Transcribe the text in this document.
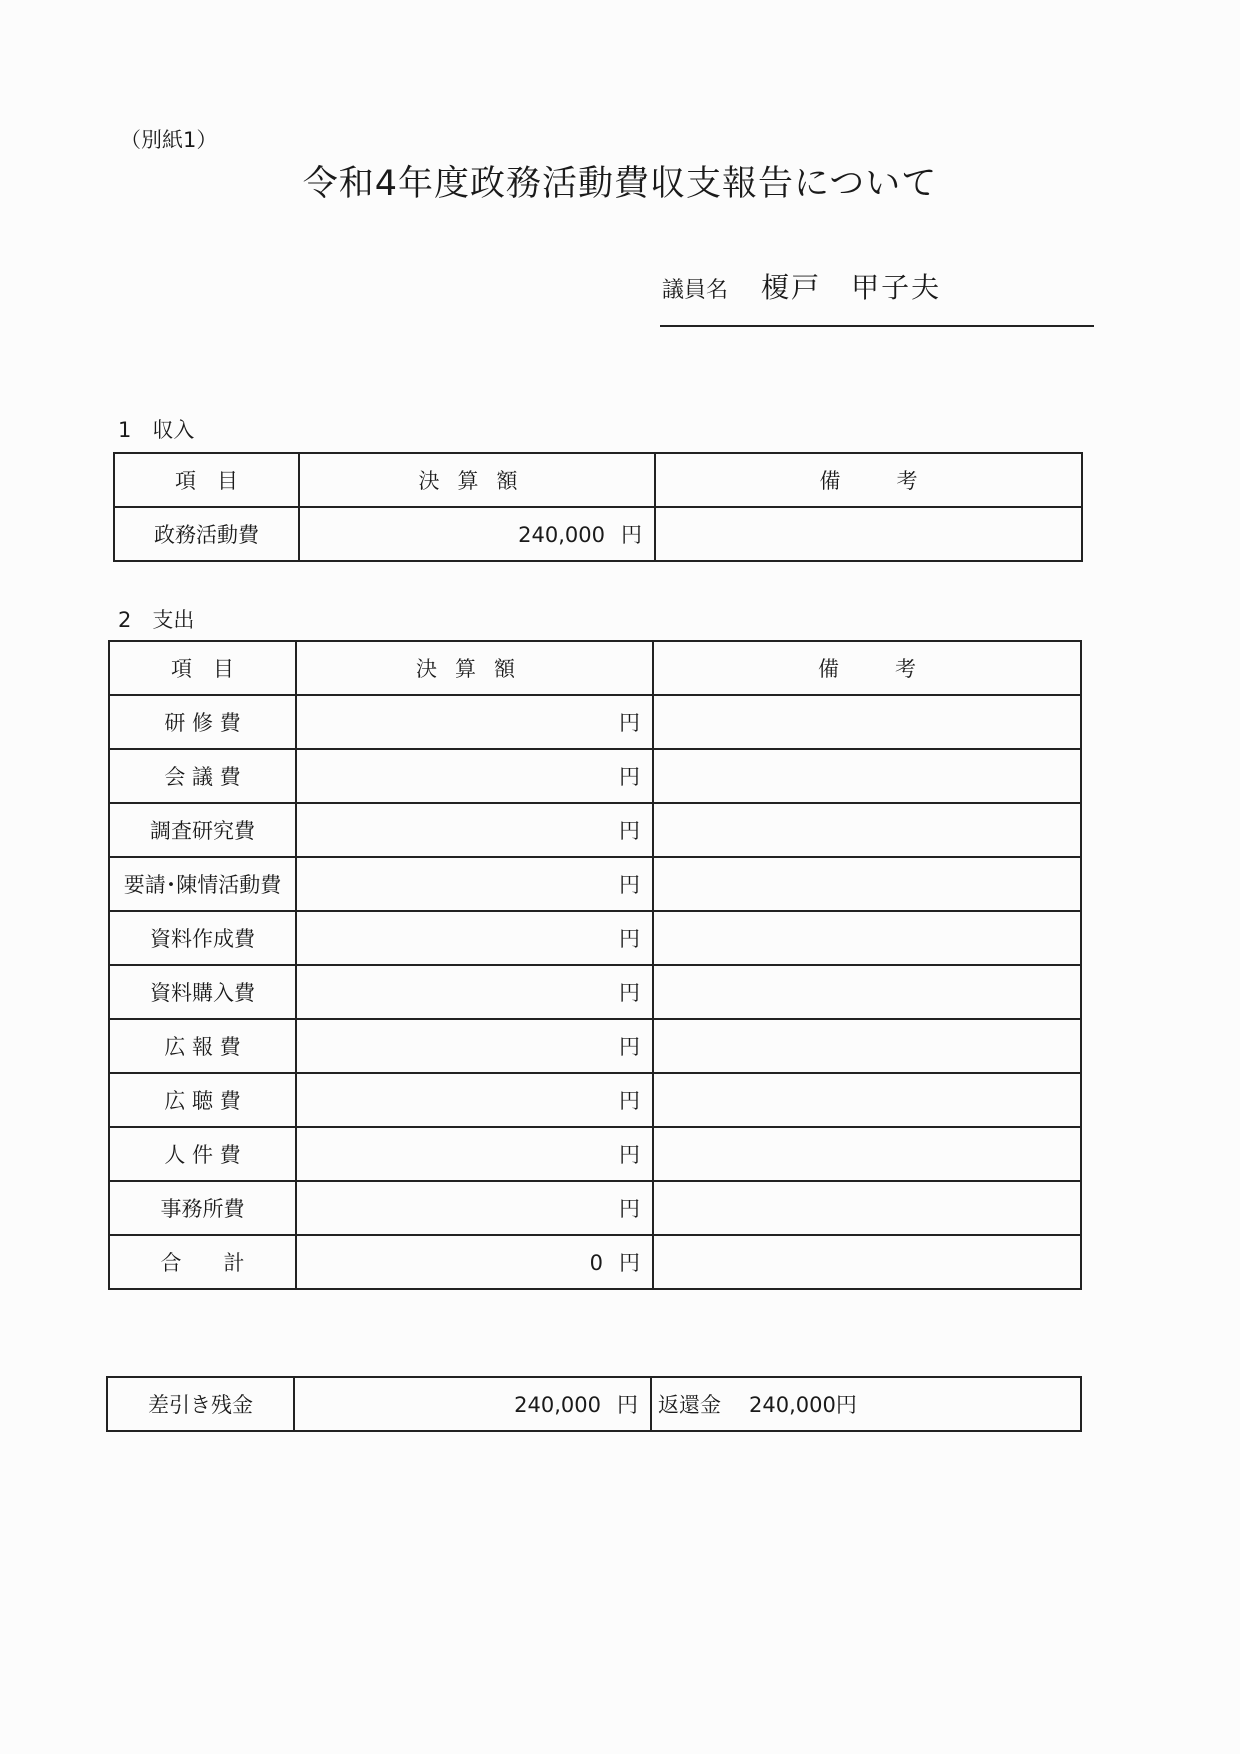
（別紙1）
令和4年度政務活動費収支報告について
議員名 榎戸　甲子夫
1　収入
項　目	決算額	備 考
政務活動費	240,000 円	
2　支出
項　目	決算額	備 考
研 修 費	円	
会 議 費	円	
調査研究費	円	
要請･陳情活動費	円	
資料作成費	円	
資料購入費	円	
広 報 費	円	
広 聴 費	円	
人 件 費	円	
事務所費	円	
合　　計	0 円	
差引き残金	240,000 円	返還金 240,000円
